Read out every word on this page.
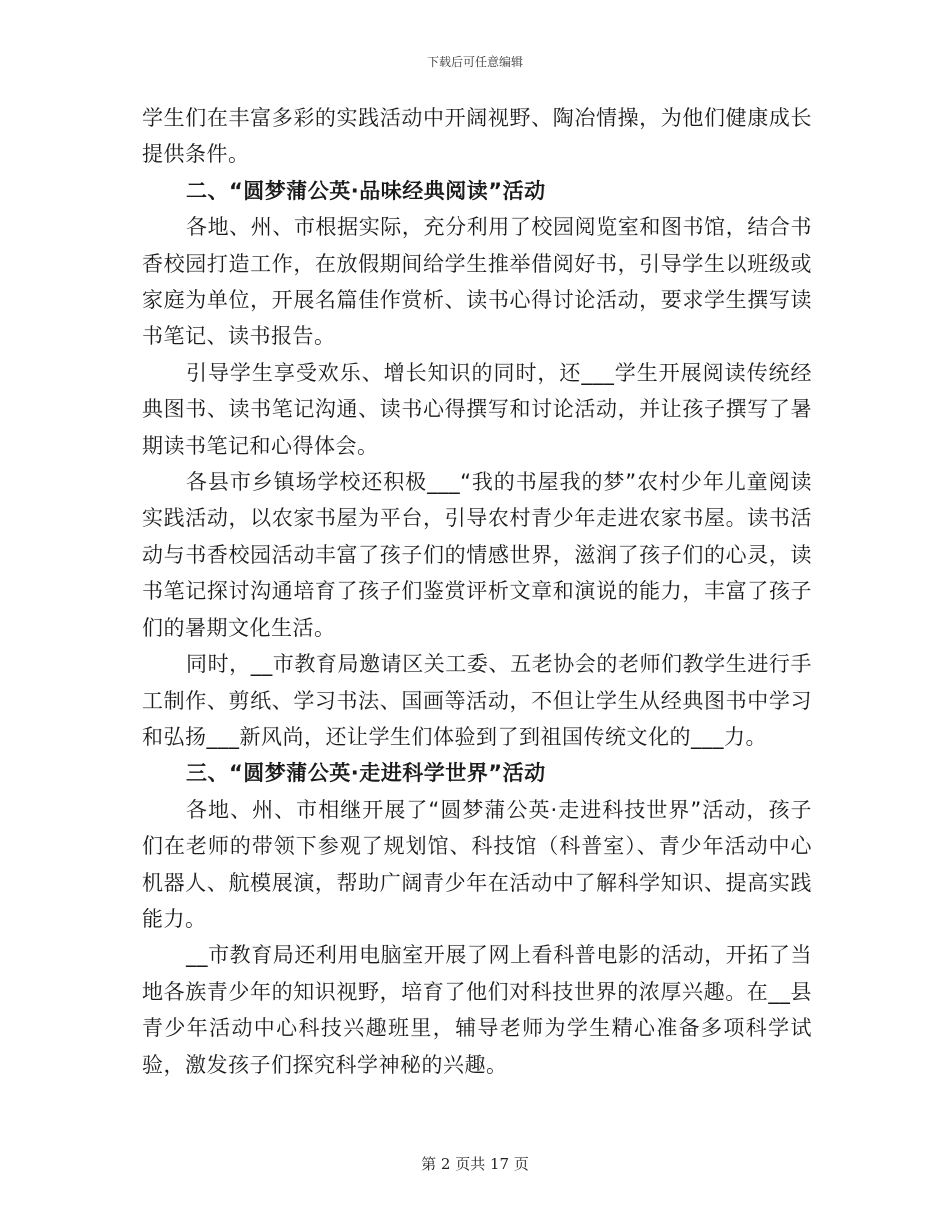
下载后可任意编辑

学生们在丰富多彩的实践活动中开阔视野、陶冶情操，为他们健康成长提供条件。

二、“圆梦蒲公英·品味经典阅读”活动

各地、州、市根据实际，充分利用了校园阅览室和图书馆，结合书香校园打造工作，在放假期间给学生推举借阅好书，引导学生以班级或家庭为单位，开展名篇佳作赏析、读书心得讨论活动，要求学生撰写读书笔记、读书报告。

引导学生享受欢乐、增长知识的同时，还___学生开展阅读传统经典图书、读书笔记沟通、读书心得撰写和讨论活动，并让孩子撰写了暑期读书笔记和心得体会。

各县市乡镇场学校还积极___“我的书屋我的梦”农村少年儿童阅读实践活动，以农家书屋为平台，引导农村青少年走进农家书屋。读书活动与书香校园活动丰富了孩子们的情感世界，滋润了孩子们的心灵，读书笔记探讨沟通培育了孩子们鉴赏评析文章和演说的能力，丰富了孩子们的暑期文化生活。

同时，__市教育局邀请区关工委、五老协会的老师们教学生进行手工制作、剪纸、学习书法、国画等活动，不但让学生从经典图书中学习和弘扬___新风尚，还让学生们体验到了到祖国传统文化的___力。

三、“圆梦蒲公英·走进科学世界”活动

各地、州、市相继开展了“圆梦蒲公英·走进科技世界”活动，孩子们在老师的带领下参观了规划馆、科技馆（科普室）、青少年活动中心机器人、航模展演，帮助广阔青少年在活动中了解科学知识、提高实践能力。

__市教育局还利用电脑室开展了网上看科普电影的活动，开拓了当地各族青少年的知识视野，培育了他们对科技世界的浓厚兴趣。在__县青少年活动中心科技兴趣班里，辅导老师为学生精心准备多项科学试验，激发孩子们探究科学神秘的兴趣。

第 2 页共 17 页
